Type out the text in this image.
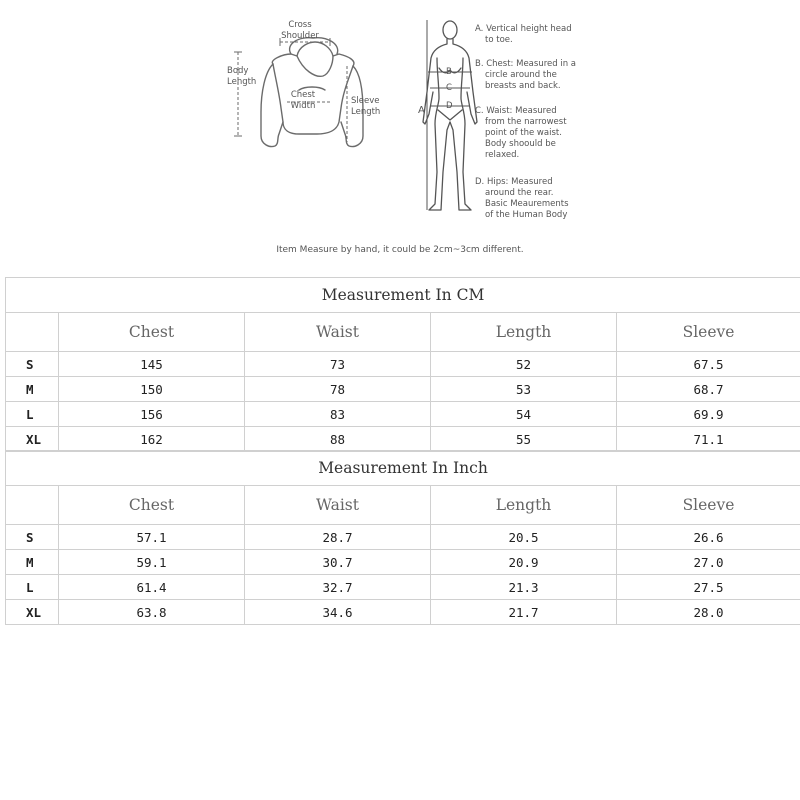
Cross
Shoulder
Body
Length
Chest
Width	Sleeve
Length	A
B
C
D
A. Vertical height head
to toe.
B. Chest: Measured in a
circle around the
breasts and back.
C. Waist: Measured
from the narrowest
point of the waist.
Body shoould be
relaxed.
D. Hips: Measured
around the rear.
Basic Meaurements
of the Human Body
Item Measure by hand, it could be 2cm~3cm different.
Measurement In CM				
	Chest	Waist	Length	Sleeve
S	145	73	52	67.5
M	150	78	53	68.7
L	156	83	54	69.9
XL	162	88	55	71.1
Measurement In Inch				
	Chest	Waist	Length	Sleeve
S	57.1	28.7	20.5	26.6
M	59.1	30.7	20.9	27.0
L	61.4	32.7	21.3	27.5
XL	63.8	34.6	21.7	28.0
